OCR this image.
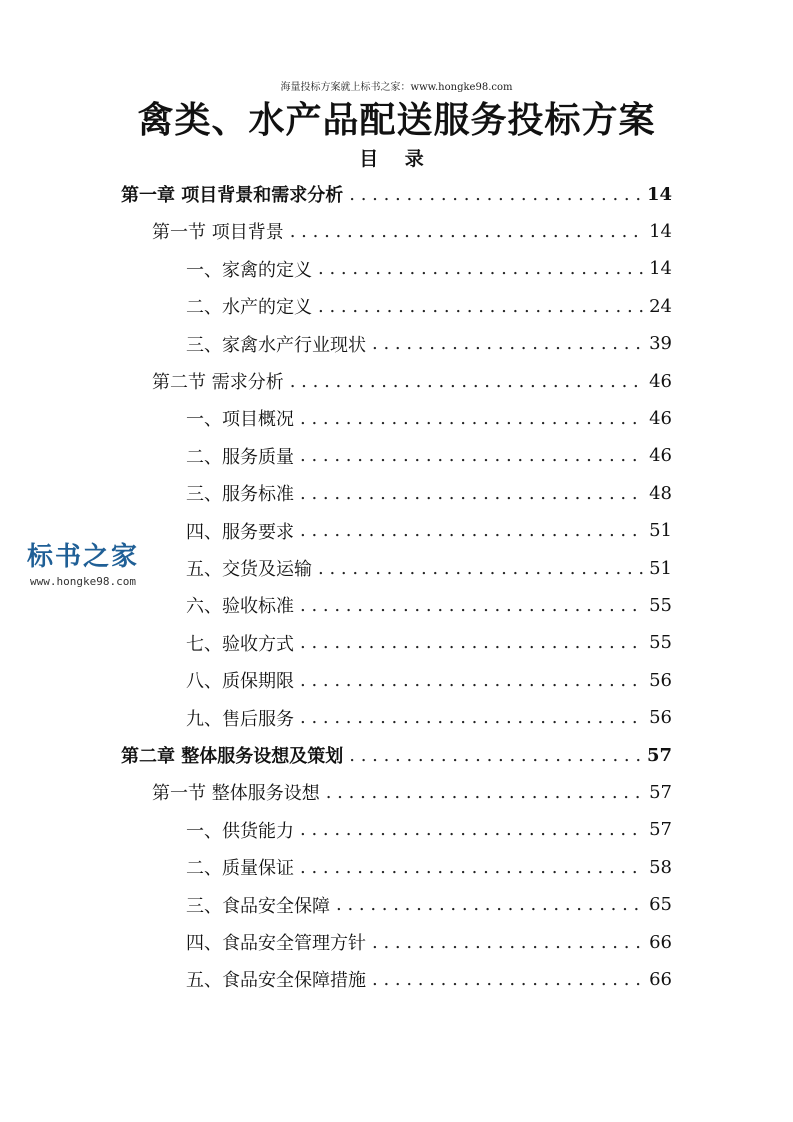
海量投标方案就上标书之家：www.hongke98.com
禽类、水产品配送服务投标方案
目 录
第一章 项目背景和需求分析 . . .	14
第一节 项目背景 . . .	14
一、家禽的定义 . . .	14
二、水产的定义 . . .	24
三、家禽水产行业现状 . . .	39
第二节 需求分析 . . .	46
一、项目概况 . . .	46
二、服务质量 . . .	46
三、服务标准 . . .	48
四、服务要求 . . .	51
五、交货及运输 . . .	51
六、验收标准 . . .	55
七、验收方式 . . .	55
八、质保期限 . . .	56
九、售后服务 . . .	56
第二章 整体服务设想及策划 . . .	57
第一节 整体服务设想 . . .	57
一、供货能力 . . .	57
二、质量保证 . . .	58
三、食品安全保障 . . .	65
四、食品安全管理方针 . . .	66
五、食品安全保障措施 . . .	66
标书之家
www.hongke98.com
